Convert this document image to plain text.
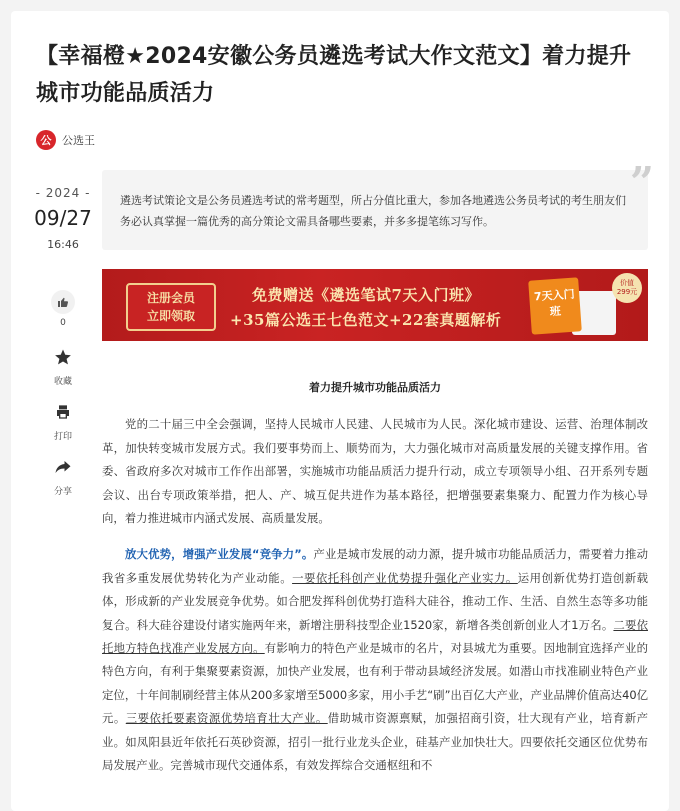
【幸福橙★2024安徽公务员遴选考试大作文范文】着力提升城市功能品质活力
公 公选王
- 2024 -
09/27
16:46
0
收藏
打印
分享
”
遴选考试策论文是公务员遴选考试的常考题型，所占分值比重大，参加各地遴选公务员考试的考生朋友们务必认真掌握一篇优秀的高分策论文需具备哪些要素，并多多提笔练习写作。
注册会员
立即领取
免费赠送《遴选笔试7天入门班》
+35篇公选王七色范文+22套真题解析
7天入门班
价值
299元
着力提升城市功能品质活力

党的二十届三中全会强调，坚持人民城市人民建、人民城市为人民。深化城市建设、运营、治理体制改革，加快转变城市发展方式。我们要事势而上、顺势而为，大力强化城市对高质量发展的关键支撑作用。省委、省政府多次对城市工作作出部署，实施城市功能品质活力提升行动，成立专项领导小组、召开系列专题会议、出台专项政策举措，把人、产、城互促共进作为基本路径，把增强要素集聚力、配置力作为核心导向，着力推进城市内涵式发展、高质量发展。

放大优势，增强产业发展“竞争力”。产业是城市发展的动力源，提升城市功能品质活力，需要着力推动我省多重发展优势转化为产业动能。一要依托科创产业优势提升强化产业实力。运用创新优势打造创新载体，形成新的产业发展竞争优势。如合肥发挥科创优势打造科大硅谷，推动工作、生活、自然生态等多功能复合。科大硅谷建设付诸实施两年来，新增注册科技型企业1520家，新增各类创新创业人才1万名。二要依托地方特色找准产业发展方向。有影响力的特色产业是城市的名片，对县城尤为重要。因地制宜选择产业的特色方向，有利于集聚要素资源，加快产业发展，也有利于带动县域经济发展。如潜山市找准刷业特色产业定位，十年间制刷经营主体从200多家增至5000多家，用小手艺“刷”出百亿大产业，产业品牌价值高达40亿元。三要依托要素资源优势培育壮大产业。借助城市资源禀赋，加强招商引资，壮大现有产业，培育新产业。如凤阳县近年依托石英砂资源，招引一批行业龙头企业，硅基产业加快壮大。四要依托交通区位优势布局发展产业。完善城市现代交通体系，有效发挥综合交通枢纽和不
